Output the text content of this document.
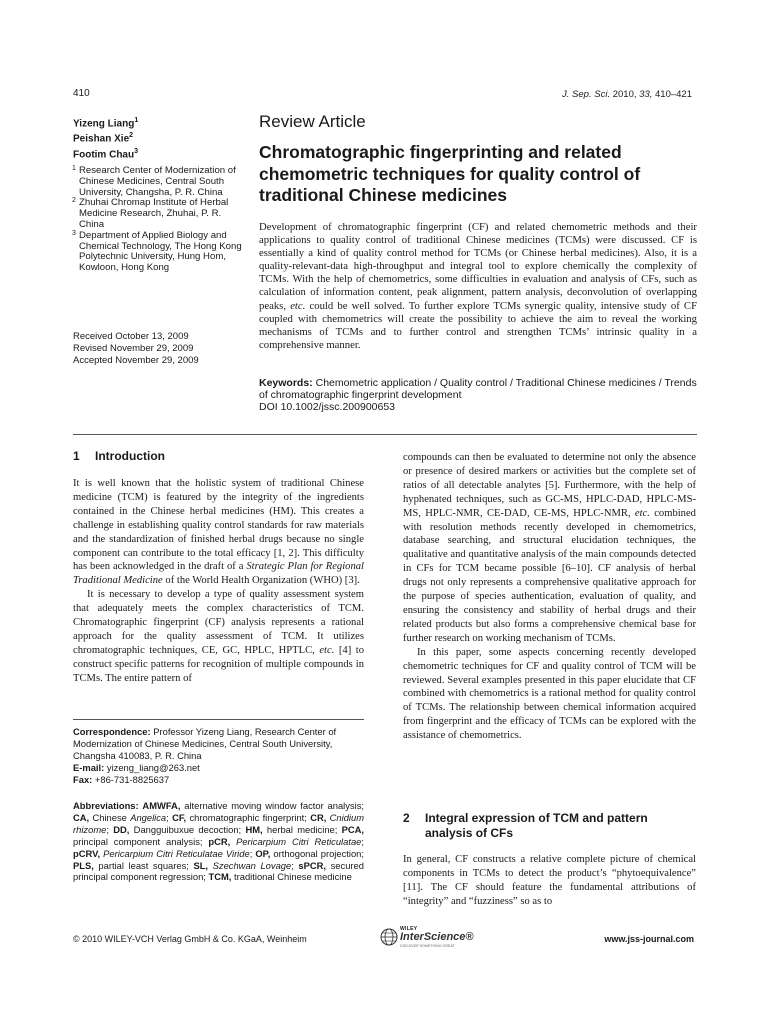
410	J. Sep. Sci. 2010, 33, 410–421
Yizeng Liang$^1$
Peishan Xie$^2$
Footim Chau$^3$
1 Research Center of Modernization of Chinese Medicines, Central South University, Changsha, P. R. China
2 Zhuhai Chromap Institute of Herbal Medicine Research, Zhuhai, P. R. China
3 Department of Applied Biology and Chemical Technology, The Hong Kong Polytechnic University, Hung Hom, Kowloon, Hong Kong
Received October 13, 2009
Revised November 29, 2009
Accepted November 29, 2009
Review Article
Chromatographic fingerprinting and related chemometric techniques for quality control of traditional Chinese medicines
Development of chromatographic fingerprint (CF) and related chemometric methods and their applications to quality control of traditional Chinese medicines (TCMs) were discussed. CF is essentially a kind of quality control method for TCMs (or Chinese herbal medicines). Also, it is a quality-relevant-data high-throughput and integral tool to explore chemically the complexity of TCMs. With the help of chemometrics, some difficulties in evaluation and analysis of CFs, such as calculation of information content, peak alignment, pattern analysis, deconvolution of overlapping peaks, etc. could be well solved. To further explore TCMs synergic quality, intensive study of CF coupled with chemometrics will create the possibility to achieve the aim to reveal the working mechanisms of TCMs and to further control and strengthen TCMs’ intrinsic quality in a comprehensive manner.
Keywords: Chemometric application / Quality control / Traditional Chinese medicines / Trends of chromatographic fingerprint development
DOI 10.1002/jssc.200900653
1 Introduction

It is well known that the holistic system of traditional Chinese medicine (TCM) is featured by the integrity of the ingredients contained in the Chinese herbal medicines (HM). This creates a challenge in establishing quality control standards for raw materials and the standardization of finished herbal drugs because no single component can contribute to the total efficacy [1, 2]. This difficulty has been acknowledged in the draft of a Strategic Plan for Regional Traditional Medicine of the World Health Organization (WHO) [3].

It is necessary to develop a type of quality assessment system that adequately meets the complex characteristics of TCM. Chromatographic fingerprint (CF) analysis represents a rational approach for the quality assessment of TCM. It utilizes chromatographic techniques, CE, GC, HPLC, HPTLC, etc. [4] to construct specific patterns for recognition of multiple compounds in TCMs. The entire pattern of

Correspondence: Professor Yizeng Liang, Research Center of Modernization of Chinese Medicines, Central South University, Changsha 410083, P. R. China
E-mail: yizeng_liang@263.net
Fax: +86-731-8825637
Abbreviations: AMWFA, alternative moving window factor analysis; CA, Chinese Angelica; CF, chromatographic fingerprint; CR, Cnidium rhizome; DD, Dangguibuxue decoction; HM, herbal medicine; PCA, principal component analysis; pCR, Pericarpium Citri Reticulatae; pCRV, Pericarpium Citri Reticulatae Viride; OP, orthogonal projection; PLS, partial least squares; SL, Szechwan Lovage; sPCR, secured principal component regression; TCM, traditional Chinese medicine

compounds can then be evaluated to determine not only the absence or presence of desired markers or activities but the complete set of ratios of all detectable analytes [5]. Furthermore, with the help of hyphenated techniques, such as GC-MS, HPLC-DAD, HPLC-MS-MS, HPLC-NMR, CE-DAD, CE-MS, HPLC-NMR, etc. combined with resolution methods recently developed in chemometrics, database searching, and structural elucidation techniques, the qualitative and quantitative analysis of the main compounds detected in CFs for TCM became possible [6–10]. CF analysis of herbal drugs not only represents a comprehensive qualitative approach for the purpose of species authentication, evaluation of quality, and ensuring the consistency and stability of herbal drugs and their related products but also forms a comprehensive chemical base for further research on working mechanism of TCMs.

In this paper, some aspects concerning recently developed chemometric techniques for CF and quality control of TCM will be reviewed. Several examples presented in this paper elucidate that CF combined with chemometrics is a rational method for quality control of TCMs. The relationship between chemical information acquired from fingerprint and the efficacy of TCMs can be explored with the assistance of chemometrics.

2 Integral expression of TCM and pattern
analysis of CFs

In general, CF constructs a relative complete picture of chemical components in TCMs to detect the product’s “phytoequivalence” [11]. The CF should feature the fundamental attributions of “integrity” and “fuzziness” so as to

© 2010 WILEY-VCH Verlag GmbH & Co. KGaA, Weinheim
WILEY
InterScience®
DISCOVER SOMETHING GREAT
www.jss-journal.com
